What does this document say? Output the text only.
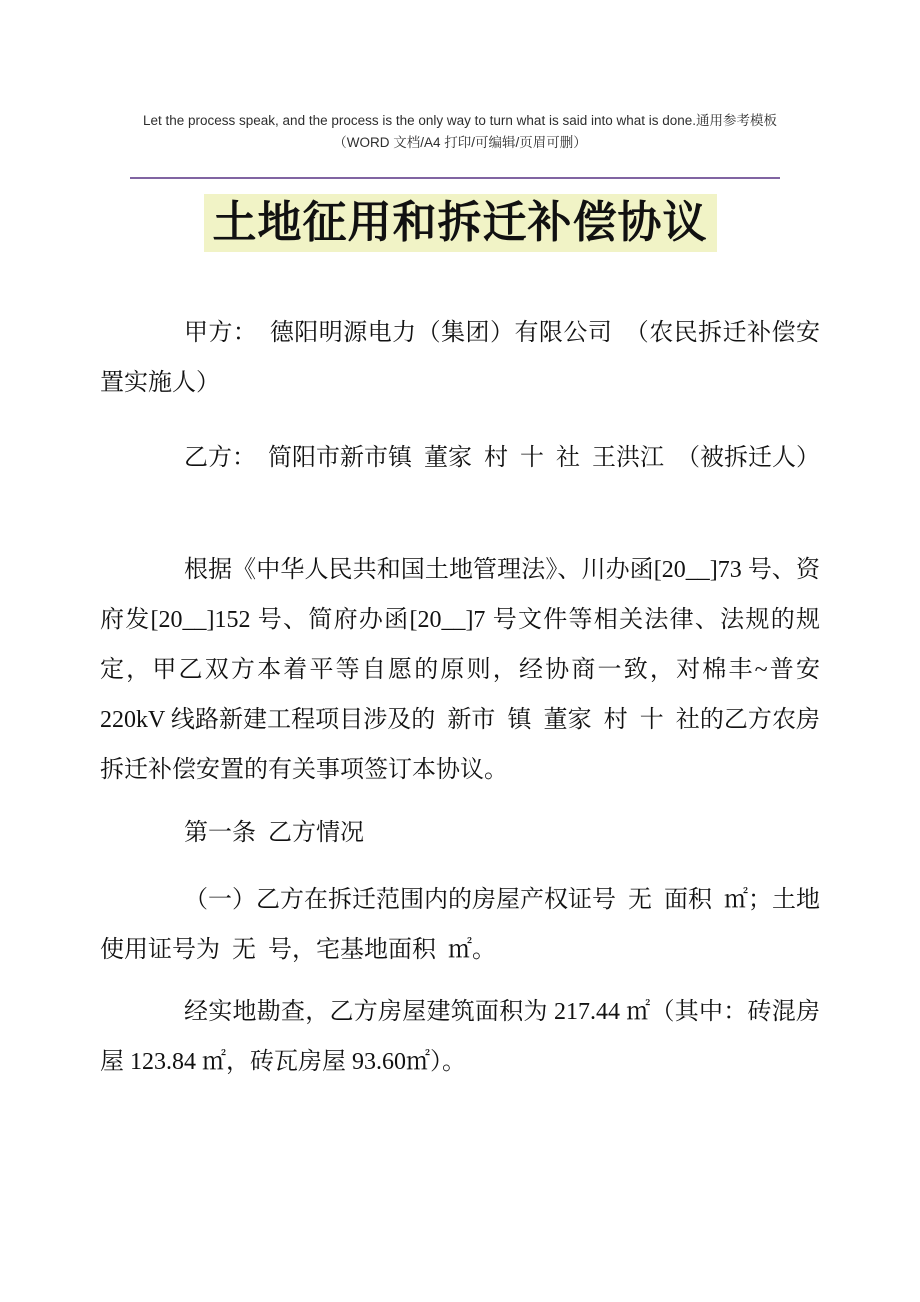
Let the process speak, and the process is the only way to turn what is said into what is done.通用参考模板
（WORD 文档/A4 打印/可编辑/页眉可删）
土地征用和拆迁补偿协议

甲方：　德阳明源电力（集团）有限公司　（农民拆迁补偿安置实施人）

乙方：　简阳市新市镇 董家 村 十 社 王洪江 （被拆迁人）

根据《中华人民共和国土地管理法》、川办函[20__]73 号、资府发[20__]152 号、简府办函[20__]7 号文件等相关法律、法规的规定，甲乙双方本着平等自愿的原则，经协商一致，对棉丰~普安 220kV 线路新建工程项目涉及的 新市 镇 董家 村 十 社的乙方农房拆迁补偿安置的有关事项签订本协议。

第一条 乙方情况

（一）乙方在拆迁范围内的房屋产权证号 无 面积 ㎡；土地使用证号为 无 号，宅基地面积 ㎡。

经实地勘查，乙方房屋建筑面积为 217.44 ㎡（其中：砖混房屋 123.84 ㎡，砖瓦房屋 93.60㎡）。
